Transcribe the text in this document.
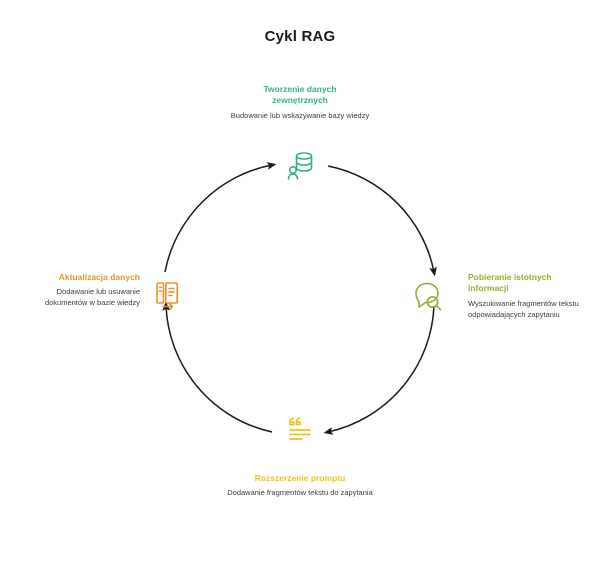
Cykl RAG
Tworzenie danych
zewnętrznych
Budowanie lub wskazywanie bazy wiedzy
Pobieranie istotnych
informacji
Wyszukiwanie fragmentów tekstu odpowiadających zapytaniu
Rozszerzenie promptu
Dodawanie fragmentów tekstu do zapytania
Aktualizacja danych
Dodawanie lub usuwanie dokumentów w bazie wiedzy
